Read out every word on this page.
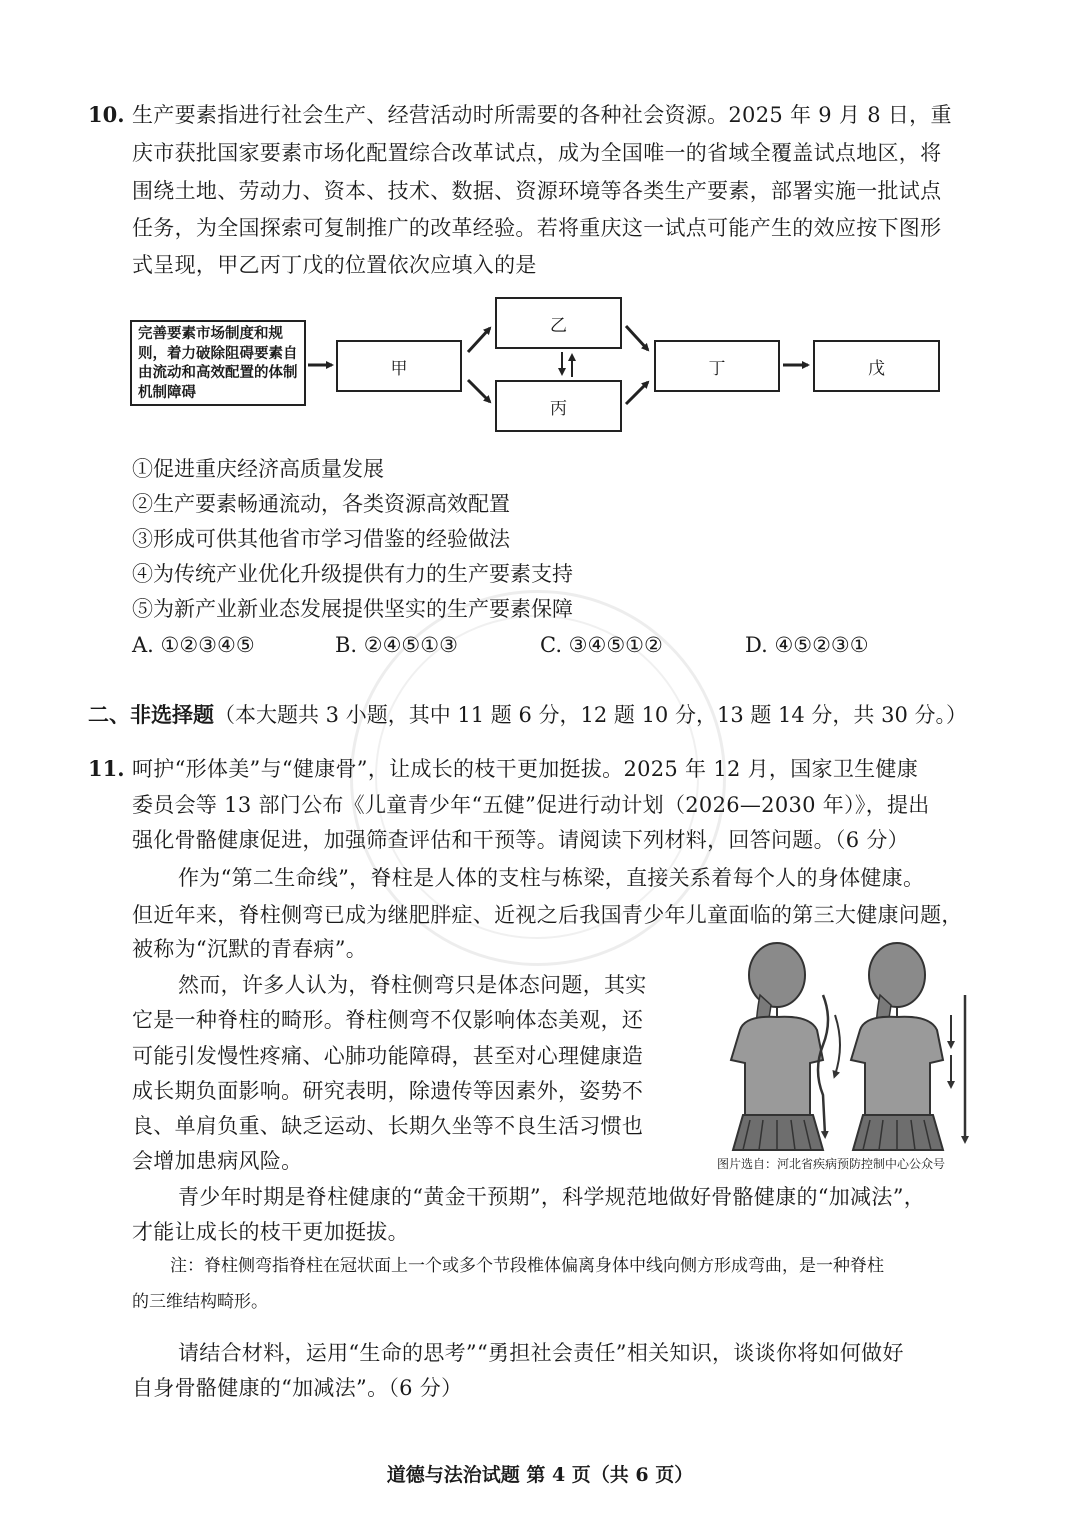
10. 生产要素指进行社会生产、经营活动时所需要的各种社会资源。2025 年 9 月 8 日，重
庆市获批国家要素市场化配置综合改革试点，成为全国唯一的省域全覆盖试点地区，将
围绕土地、劳动力、资本、技术、数据、资源环境等各类生产要素，部署实施一批试点
任务，为全国探索可复制推广的改革经验。若将重庆这一试点可能产生的效应按下图形
式呈现，甲乙丙丁戊的位置依次应填入的是
完善要素市场制度和规则，着力破除阻碍要素自由流动和高效配置的体制机制障碍
甲
乙
丙
丁	戊
①促进重庆经济高质量发展
②生产要素畅通流动，各类资源高效配置
③形成可供其他省市学习借鉴的经验做法
④为传统产业优化升级提供有力的生产要素支持
⑤为新产业新业态发展提供坚实的生产要素保障
A. ①②③④⑤	B. ②④⑤①③	C. ③④⑤①②	D. ④⑤②③①
二、非选择题（本大题共 3 小题，其中 11 题 6 分，12 题 10 分，13 题 14 分，共 30 分。）
11. 呵护“形体美”与“健康骨”，让成长的枝干更加挺拔。2025 年 12 月，国家卫生健康
委员会等 13 部门公布《儿童青少年“五健”促进行动计划（2026—2030 年）》，提出
强化骨骼健康促进，加强筛查评估和干预等。请阅读下列材料，回答问题。（6 分）
作为“第二生命线”，脊柱是人体的支柱与栋梁，直接关系着每个人的身体健康。
但近年来，脊柱侧弯已成为继肥胖症、近视之后我国青少年儿童面临的第三大健康问题，
被称为“沉默的青春病”。
然而，许多人认为，脊柱侧弯只是体态问题，其实
它是一种脊柱的畸形。脊柱侧弯不仅影响体态美观，还
可能引发慢性疼痛、心肺功能障碍，甚至对心理健康造
成长期负面影响。研究表明，除遗传等因素外，姿势不
良、单肩负重、缺乏运动、长期久坐等不良生活习惯也
会增加患病风险。	图片选自：河北省疾病预防控制中心公众号
青少年时期是脊柱健康的“黄金干预期”，科学规范地做好骨骼健康的“加减法”，
才能让成长的枝干更加挺拔。
注：脊柱侧弯指脊柱在冠状面上一个或多个节段椎体偏离身体中线向侧方形成弯曲，是一种脊柱
的三维结构畸形。
请结合材料，运用“生命的思考”“勇担社会责任”相关知识，谈谈你将如何做好
自身骨骼健康的“加减法”。（6 分）
道德与法治试题 第 4 页（共 6 页）
